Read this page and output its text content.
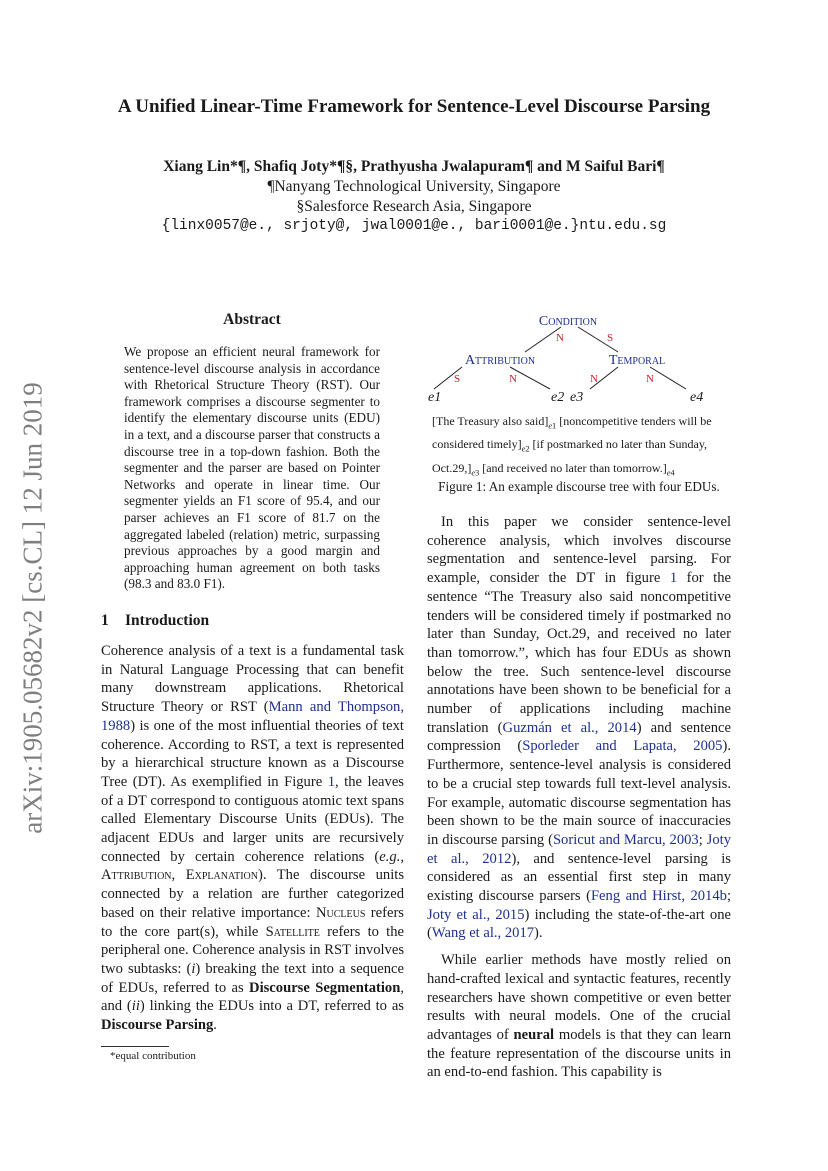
arXiv:1905.05682v2 [cs.CL] 12 Jun 2019
A Unified Linear-Time Framework for Sentence-Level Discourse Parsing
Xiang Lin*¶, Shafiq Joty*¶§, Prathyusha Jwalapuram¶ and M Saiful Bari¶
¶Nanyang Technological University, Singapore
§Salesforce Research Asia, Singapore
{linx0057@e., srjoty@, jwal0001@e., bari0001@e.}ntu.edu.sg
Abstract
We propose an efficient neural framework for sentence-level discourse analysis in accordance with Rhetorical Structure Theory (RST). Our framework comprises a discourse segmenter to identify the elementary discourse units (EDU) in a text, and a discourse parser that constructs a discourse tree in a top-down fashion. Both the segmenter and the parser are based on Pointer Networks and operate in linear time. Our segmenter yields an F1 score of 95.4, and our parser achieves an F1 score of 81.7 on the aggregated labeled (relation) metric, surpassing previous approaches by a good margin and approaching human agreement on both tasks (98.3 and 83.0 F1).
1 Introduction

Coherence analysis of a text is a fundamental task in Natural Language Processing that can benefit many downstream applications. Rhetorical Structure Theory or RST (Mann and Thompson, 1988) is one of the most influential theories of text coherence. According to RST, a text is represented by a hierarchical structure known as a Discourse Tree (DT). As exemplified in Figure 1, the leaves of a DT correspond to contiguous atomic text spans called Elementary Discourse Units (EDUs). The adjacent EDUs and larger units are recursively connected by certain coherence relations (e.g., Attribution, Explanation). The discourse units connected by a relation are further categorized based on their relative importance: Nucleus refers to the core part(s), while Satellite refers to the peripheral one. Coherence analysis in RST involves two subtasks: (i) breaking the text into a sequence of EDUs, referred to as Discourse Segmentation, and (ii) linking the EDUs into a DT, referred to as Discourse Parsing.

*equal contribution
Condition
Attribution	Temporal
N	S
S	N	N	N
e1	e2 e3	e4
[The Treasury also $said]_{e1}$ [noncompetitive tenders will be considered $timely]_{e2}$ [if postmarked no later than Sunday, $Oct.29,]_{e3}$ [and received no later than $tomorrow.]_{e4}$
Figure 1: An example discourse tree with four EDUs.

In this paper we consider sentence-level coherence analysis, which involves discourse segmentation and sentence-level parsing. For example, consider the DT in figure 1 for the sentence “The Treasury also said noncompetitive tenders will be considered timely if postmarked no later than Sunday, Oct.29, and received no later than tomorrow.”, which has four EDUs as shown below the tree. Such sentence-level discourse annotations have been shown to be beneficial for a number of applications including machine translation (Guzmán et al., 2014) and sentence compression (Sporleder and Lapata, 2005). Furthermore, sentence-level analysis is considered to be a crucial step towards full text-level analysis. For example, automatic discourse segmentation has been shown to be the main source of inaccuracies in discourse parsing (Soricut and Marcu, 2003; Joty et al., 2012), and sentence-level parsing is considered as an essential first step in many existing discourse parsers (Feng and Hirst, 2014b; Joty et al., 2015) including the state-of-the-art one (Wang et al., 2017).

While earlier methods have mostly relied on hand-crafted lexical and syntactic features, recently researchers have shown competitive or even better results with neural models. One of the crucial advantages of neural models is that they can learn the feature representation of the discourse units in an end-to-end fashion. This capability is
